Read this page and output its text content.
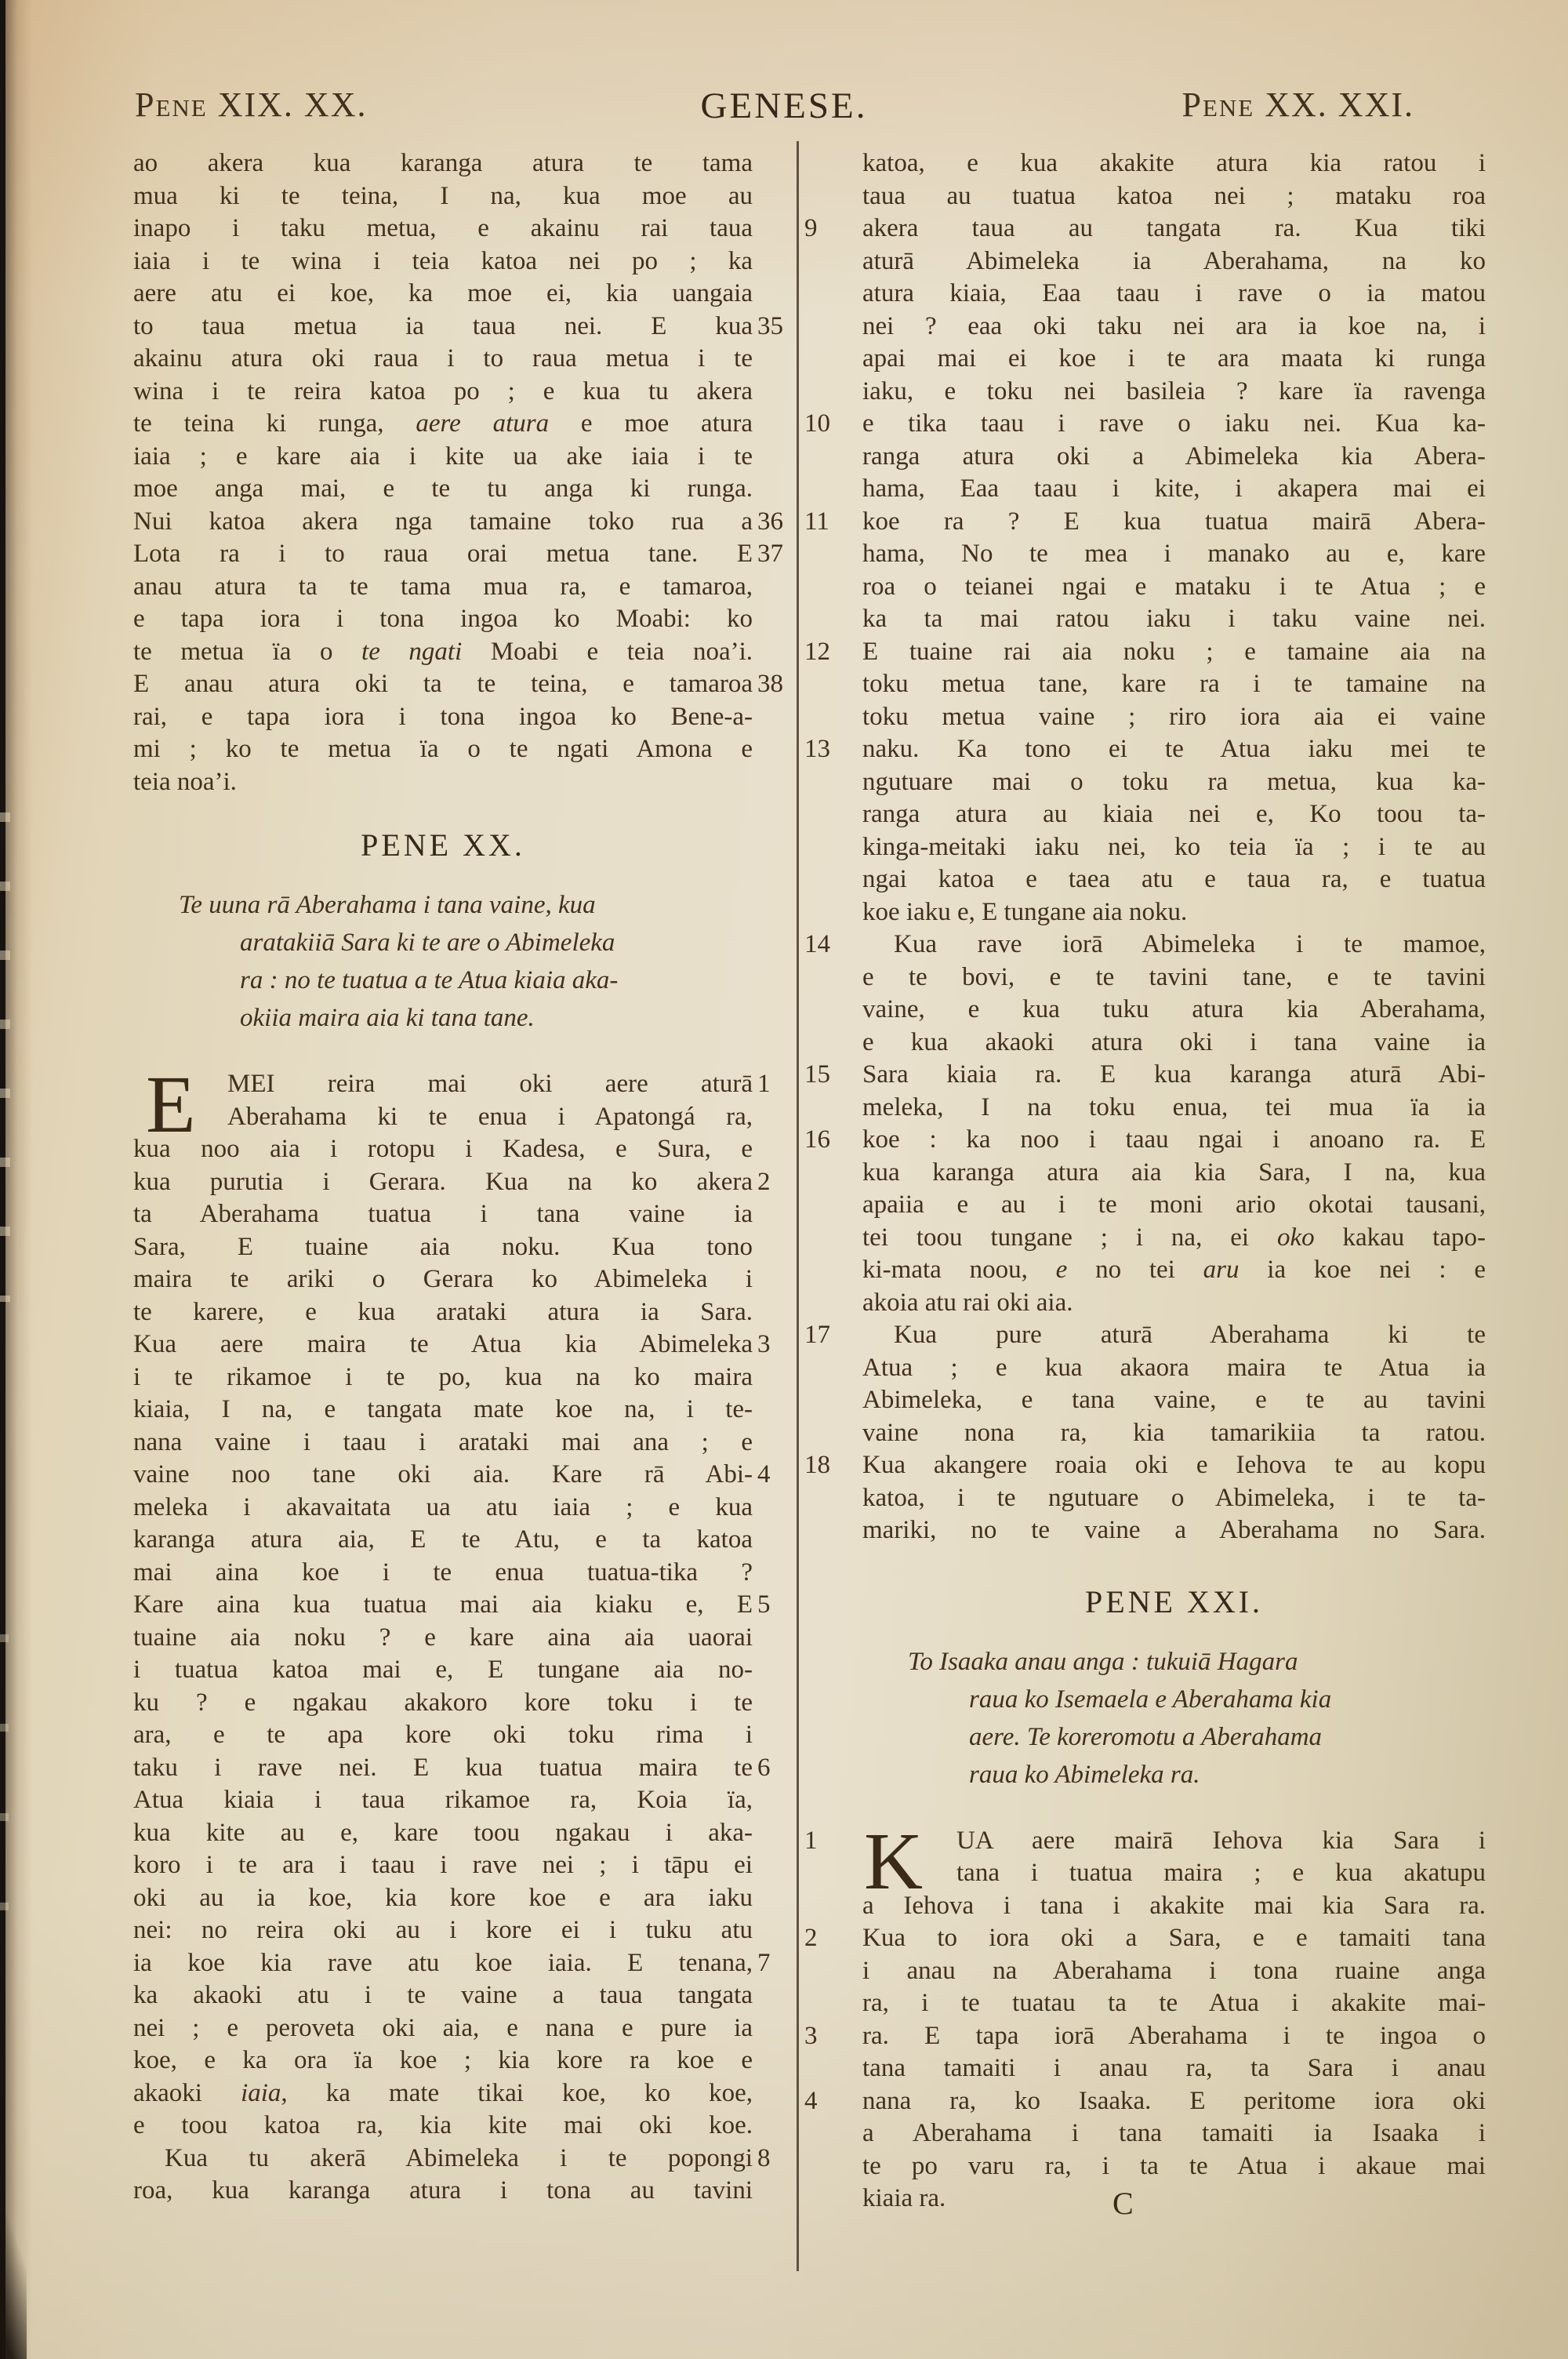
Pene XIX. XX.	GENESE.	Pene XX. XXI.
ao akera kua karanga atura te tama
mua ki te teina, I na, kua moe au
inapo i taku metua, e akainu rai taua
iaia i te wina i teia katoa nei po ; ka
aere atu ei koe, ka moe ei, kia uangaia
to taua metua ia taua nei. E kua 35
akainu atura oki raua i to raua metua i te
wina i te reira katoa po ; e kua tu akera
te teina ki runga, aere atura e moe atura
iaia ; e kare aia i kite ua ake iaia i te
moe anga mai, e te tu anga ki runga.
Nui katoa akera nga tamaine toko rua a 36
Lota ra i to raua orai metua tane. E 37
anau atura ta te tama mua ra, e tamaroa,
e tapa iora i tona ingoa ko Moabi: ko
te metua ïa o te ngati Moabi e teia noa’i.
E anau atura oki ta te teina, e tamaroa 38
rai, e tapa iora i tona ingoa ko Bene-a-
mi ; ko te metua ïa o te ngati Amona e
teia noa’i.
PENE XX.
Te uuna rā Aberahama i tana vaine, kua
aratakiiā Sara ki te are o Abimeleka
ra : no te tuatua a te Atua kiaia aka-
okiia maira aia ki tana tane.
E	MEI reira mai oki aere aturā 1
Aberahama ki te enua i Apatongá ra,
kua noo aia i rotopu i Kadesa, e Sura, e
kua purutia i Gerara. Kua na ko akera 2
ta Aberahama tuatua i tana vaine ia
Sara, E tuaine aia noku. Kua tono
maira te ariki o Gerara ko Abimeleka i
te karere, e kua arataki atura ia Sara.
Kua aere maira te Atua kia Abimeleka 3
i te rikamoe i te po, kua na ko maira
kiaia, I na, e tangata mate koe na, i te-
nana vaine i taau i arataki mai ana ; e
vaine noo tane oki aia. Kare rā Abi- 4
meleka i akavaitata ua atu iaia ; e kua
karanga atura aia, E te Atu, e ta katoa
mai aina koe i te enua tuatua-tika ?
Kare aina kua tuatua mai aia kiaku e, E 5
tuaine aia noku ? e kare aina aia uaorai
i tuatua katoa mai e, E tungane aia no-
ku ? e ngakau akakoro kore toku i te
ara, e te apa kore oki toku rima i
taku i rave nei. E kua tuatua maira te 6
Atua kiaia i taua rikamoe ra, Koia ïa,
kua kite au e, kare toou ngakau i aka-
koro i te ara i taau i rave nei ; i tāpu ei
oki au ia koe, kia kore koe e ara iaku
nei: no reira oki au i kore ei i tuku atu
ia koe kia rave atu koe iaia. E tenana, 7
ka akaoki atu i te vaine a taua tangata
nei ; e peroveta oki aia, e nana e pure ia
koe, e ka ora ïa koe ; kia kore ra koe e
akaoki iaia, ka mate tikai koe, ko koe,
e toou katoa ra, kia kite mai oki koe.
Kua tu akerā Abimeleka i te popongi 8
roa, kua karanga atura i tona au tavini
katoa, e kua akakite atura kia ratou i
taua au tuatua katoa nei ; mataku roa
akera taua au tangata ra. Kua tiki
9
aturā Abimeleka ia Aberahama, na ko
atura kiaia, Eaa taau i rave o ia matou
nei ? eaa oki taku nei ara ia koe na, i
apai mai ei koe i te ara maata ki runga
iaku, e toku nei basileia ? kare ïa ravenga
e tika taau i rave o iaku nei. Kua ka-
10
ranga atura oki a Abimeleka kia Abera-
hama, Eaa taau i kite, i akapera mai ei
koe ra ? E kua tuatua mairā Abera-
11
hama, No te mea i manako au e, kare
roa o teianei ngai e mataku i te Atua ; e
ka ta mai ratou iaku i taku vaine nei.
E tuaine rai aia noku ; e tamaine aia na
12
toku metua tane, kare ra i te tamaine na
toku metua vaine ; riro iora aia ei vaine
naku. Ka tono ei te Atua iaku mei te
13
ngutuare mai o toku ra metua, kua ka-
ranga atura au kiaia nei e, Ko toou ta-
kinga-meitaki iaku nei, ko teia ïa ; i te au
ngai katoa e taea atu e taua ra, e tuatua
koe iaku e, E tungane aia noku.
Kua rave iorā Abimeleka i te mamoe,
14
e te bovi, e te tavini tane, e te tavini
vaine, e kua tuku atura kia Aberahama,
e kua akaoki atura oki i tana vaine ia
Sara kiaia ra. E kua karanga aturā Abi-
15
meleka, I na toku enua, tei mua ïa ia
koe : ka noo i taau ngai i anoano ra. E
16
kua karanga atura aia kia Sara, I na, kua
apaiia e au i te moni ario okotai tausani,
tei toou tungane ; i na, ei oko kakau tapo-
ki-mata noou, e no tei aru ia koe nei : e
akoia atu rai oki aia.
Kua pure aturā Aberahama ki te
17
Atua ; e kua akaora maira te Atua ia
Abimeleka, e tana vaine, e te au tavini
vaine nona ra, kia tamarikiia ta ratou.
Kua akangere roaia oki e Iehova te au kopu
18
katoa, i te ngutuare o Abimeleka, i te ta-
mariki, no te vaine a Aberahama no Sara.
PENE XXI.
To Isaaka anau anga : tukuiā Hagara
raua ko Isemaela e Aberahama kia
aere. Te koreromotu a Aberahama
raua ko Abimeleka ra.
K	UA aere mairā Iehova kia Sara i
1
tana i tuatua maira ; e kua akatupu
a Iehova i tana i akakite mai kia Sara ra.
Kua to iora oki a Sara, e e tamaiti tana
2
i anau na Aberahama i tona ruaine anga
ra, i te tuatau ta te Atua i akakite mai-
ra. E tapa iorā Aberahama i te ingoa o
3
tana tamaiti i anau ra, ta Sara i anau
nana ra, ko Isaaka. E peritome iora oki
4
a Aberahama i tana tamaiti ia Isaaka i
te po varu ra, i ta te Atua i akaue mai
kiaia ra.	C
